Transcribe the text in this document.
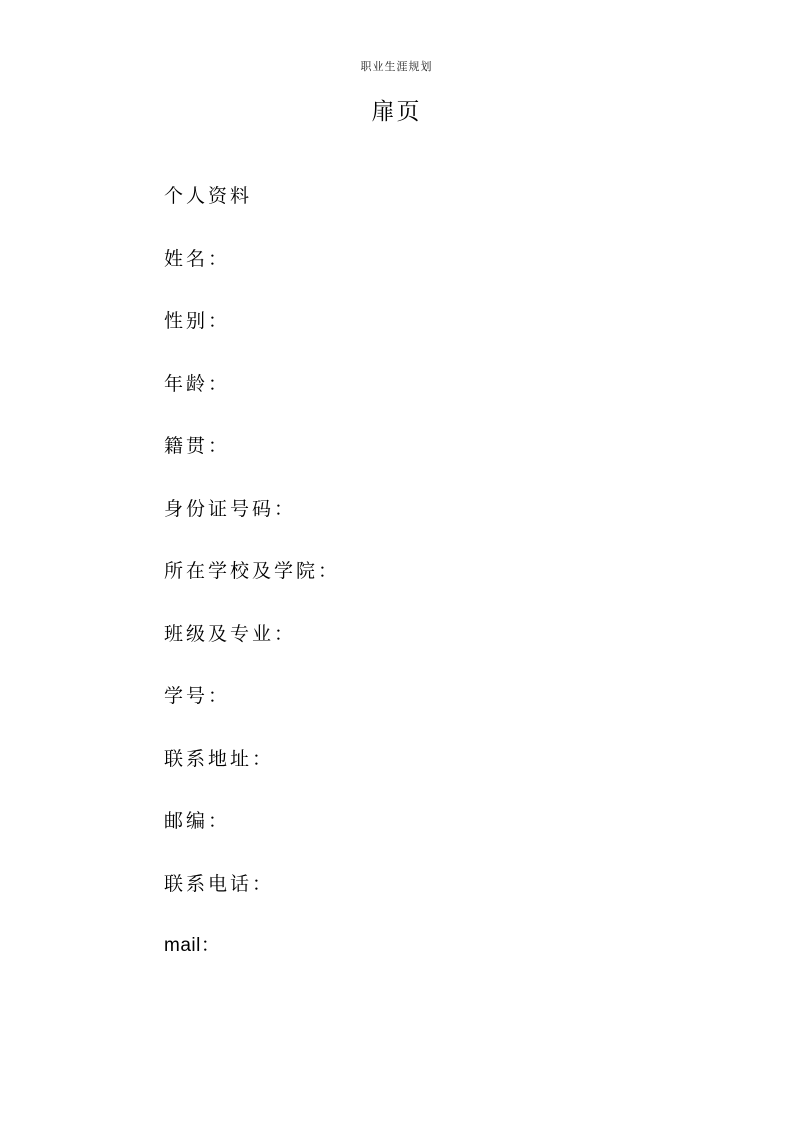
职业生涯规划
扉页
个人资料
姓名：
性别：
年龄：
籍贯：
身份证号码：
所在学校及学院：
班级及专业：
学号：
联系地址：
邮编：
联系电话：
mail：
